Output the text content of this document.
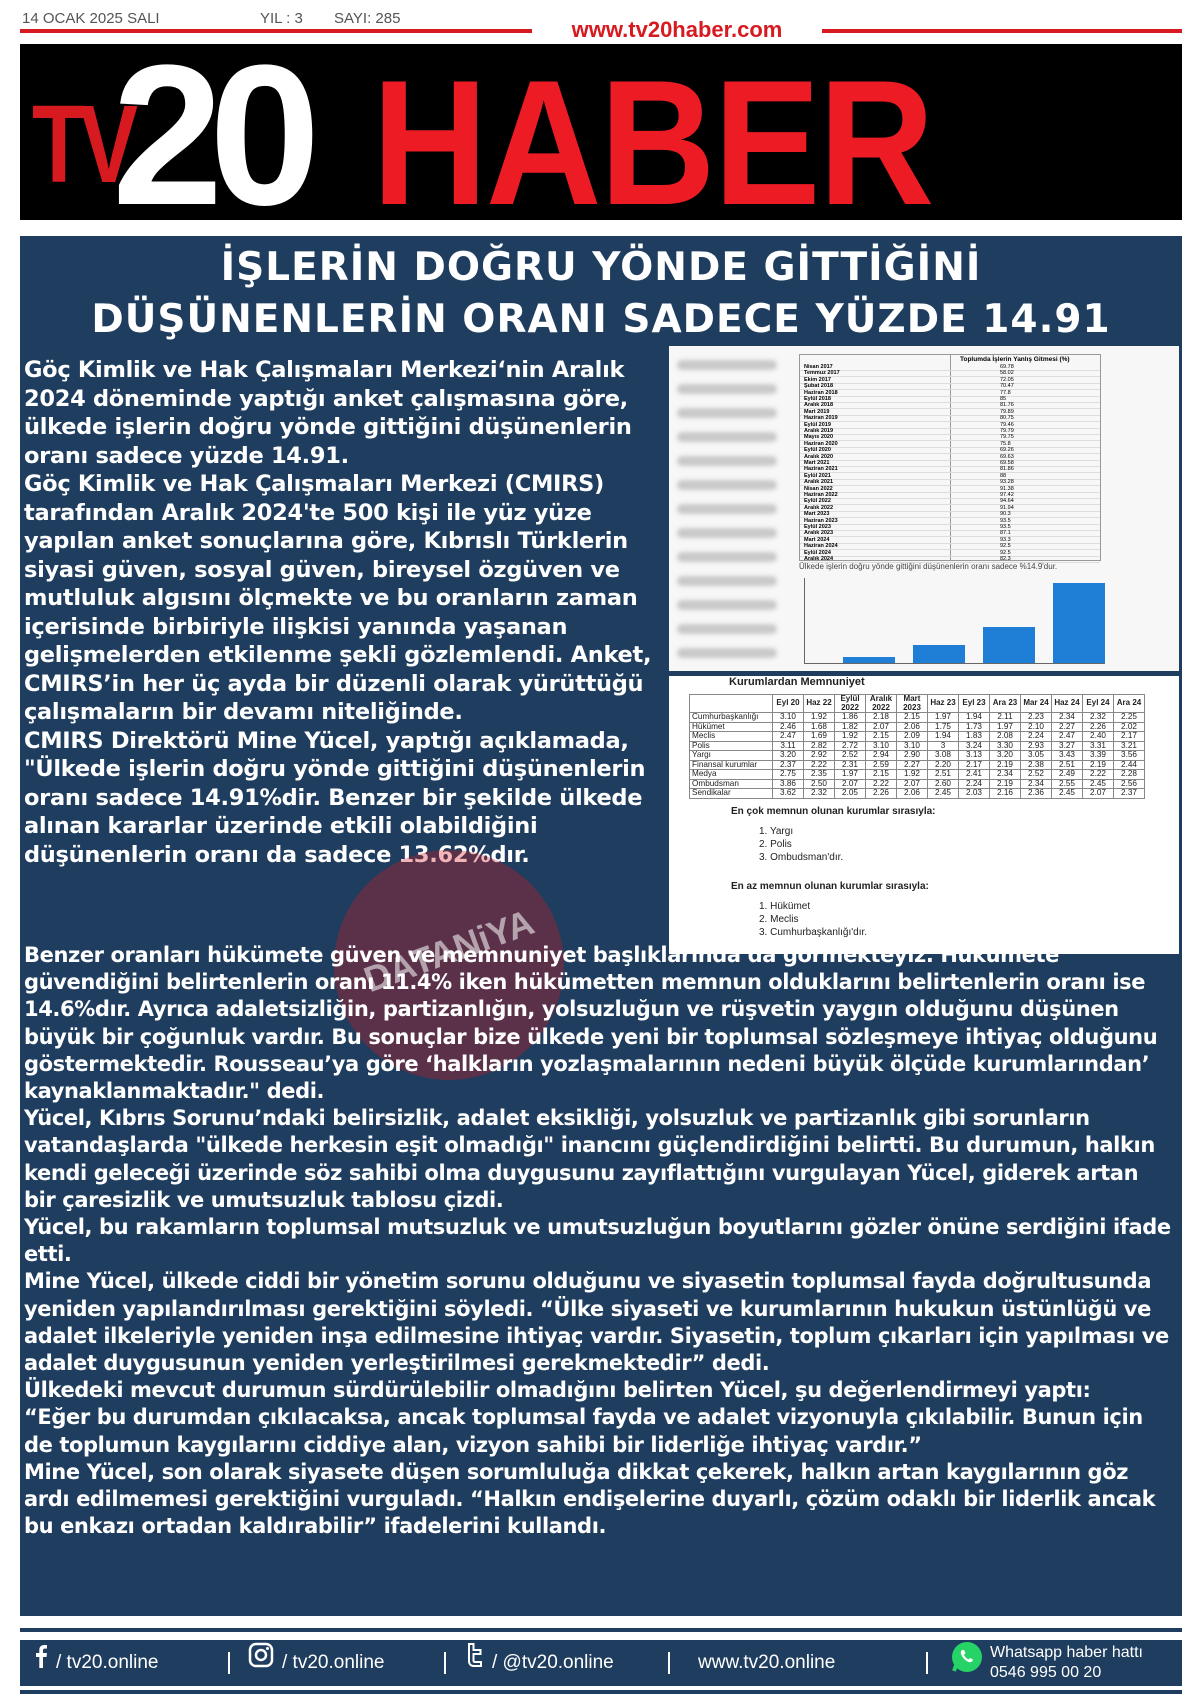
14 OCAK 2025 SALI	YIL : 3 SAYI: 285	www.tv20haber.com
TV
20 HABER
İŞLERİN DOĞRU YÖNDE GİTTİĞİNİ
DÜŞÜNENLERİN ORANI SADECE YÜZDE 14.91

Göç Kimlik ve Hak Çalışmaları Merkezi‘nin Aralık 2024 döneminde yaptığı anket çalışmasına göre, ülkede işlerin doğru yönde gittiğini düşünenlerin oranı sadece yüzde 14.91.

Göç Kimlik ve Hak Çalışmaları Merkezi (CMIRS) tarafından Aralık 2024'te 500 kişi ile yüz yüze yapılan anket sonuçlarına göre, Kıbrıslı Türklerin siyasi güven, sosyal güven, bireysel özgüven ve mutluluk algısını ölçmekte ve bu oranların zaman içerisinde birbiriyle ilişkisi yanında yaşanan gelişmelerden etkilenme şekli gözlemlendi. Anket, CMIRS’in her üç ayda bir düzenli olarak yürüttüğü çalışmaların bir devamı niteliğinde.

CMIRS Direktörü Mine Yücel, yaptığı açıklamada, "Ülkede işlerin doğru yönde gittiğini düşünenlerin oranı sadece 14.91%dir. Benzer bir şekilde ülkede alınan kararlar üzerinde etkili olabildiğini düşünenlerin oranı da sadece 13.62%dır.

Toplumda İşlerin Yanlış Gitmesi (%)
Nisan 2017	69.78
Temmuz 2017	58.02
Ekim 2017	72.05
Şubat 2018	70.47
Haziran 2018	77.8
Eylül 2018	85
Aralık 2018	81.76
Mart 2019	79.89
Haziran 2019	80.75
Eylül 2019	79.46
Aralık 2019	79.79
Mayıs 2020	79.75
Haziran 2020	75.8
Eylül 2020	69.26
Aralık 2020	69.63
Mart 2021	69.58
Haziran 2021	81.86
Eylül 2021	88
Aralık 2021	93.28
Nisan 2022	91.38
Haziran 2022	97.42
Eylül 2022	94.64
Aralık 2022	91.94
Mart 2023	90.3
Haziran 2023	93.5
Eylül 2023	93.5
Aralık 2023	87.1
Mart 2024	93.3
Haziran 2024	92.5
Eylül 2024	92.5
Aralık 2024	82.3
Ülkede işlerin doğru yönde gittiğini düşünenlerin oranı sadece %14.9'dur.
Kurumlardan Memnuniyet
	Eyl 20	Haz 22	Eylül 2022	Aralık 2022	Mart 2023	Haz 23	Eyl 23	Ara 23	Mar 24	Haz 24	Eyl 24	Ara 24
Cumhurbaşkanlığı	3.10	1.92	1.86	2.18	2.15	1.97	1.94	2.11	2.23	2.34	2.32	2.25
Hükümet	2.46	1.68	1.82	2.07	2.06	1.75	1.73	1.97	2.10	2.27	2.26	2.02
Meclis	2.47	1.69	1.92	2.15	2.09	1.94	1.83	2.08	2.24	2.47	2.40	2.17
Polis	3.11	2.82	2.72	3.10	3.10	3	3.24	3.30	2.93	3.27	3.31	3.21
Yargı	3.20	2.92	2.52	2.94	2.90	3.08	3.13	3.20	3.05	3.43	3.39	3.56
Finansal kurumlar	2.37	2.22	2.31	2.59	2.27	2.20	2.17	2.19	2.38	2.51	2.19	2.44
Medya	2.75	2.35	1.97	2.15	1.92	2.51	2.41	2.34	2.52	2.49	2.22	2.28
Ombudsman	3.86	2.50	2.07	2.22	2.07	2.60	2.24	2.19	2.34	2.55	2.45	2.56
Sendikalar	3.62	2.32	2.05	2.26	2.06	2.45	2.03	2.16	2.36	2.45	2.07	2.37
En çok memnun olunan kurumlar sırasıyla:
1. Yargı
2. Polis
3. Ombudsman'dır.
En az memnun olunan kurumlar sırasıyla:
1. Hükümet
2. Meclis
3. Cumhurbaşkanlığı'dır.
DATANiYA

Benzer oranları hükümete güven ve memnuniyet başlıklarında da görmekteyiz. Hükümete güvendiğini belirtenlerin oranı 11.4% iken hükümetten memnun olduklarını belirtenlerin oranı ise 14.6%dır. Ayrıca adaletsizliğin, partizanlığın, yolsuzluğun ve rüşvetin yaygın olduğunu düşünen büyük bir çoğunluk vardır. Bu sonuçlar bize ülkede yeni bir toplumsal sözleşmeye ihtiyaç olduğunu göstermektedir. Rousseau’ya göre ‘halkların yozlaşmalarının nedeni büyük ölçüde kurumlarından’ kaynaklanmaktadır." dedi.

Yücel, Kıbrıs Sorunu’ndaki belirsizlik, adalet eksikliği, yolsuzluk ve partizanlık gibi sorunların vatandaşlarda "ülkede herkesin eşit olmadığı" inancını güçlendirdiğini belirtti. Bu durumun, halkın kendi geleceği üzerinde söz sahibi olma duygusunu zayıflattığını vurgulayan Yücel, giderek artan bir çaresizlik ve umutsuzluk tablosu çizdi.

Yücel, bu rakamların toplumsal mutsuzluk ve umutsuzluğun boyutlarını gözler önüne serdiğini ifade etti.

Mine Yücel, ülkede ciddi bir yönetim sorunu olduğunu ve siyasetin toplumsal fayda doğrultusunda yeniden yapılandırılması gerektiğini söyledi. “Ülke siyaseti ve kurumlarının hukukun üstünlüğü ve adalet ilkeleriyle yeniden inşa edilmesine ihtiyaç vardır. Siyasetin, toplum çıkarları için yapılması ve adalet duygusunun yeniden yerleştirilmesi gerekmektedir” dedi.

Ülkedeki mevcut durumun sürdürülebilir olmadığını belirten Yücel, şu değerlendirmeyi yaptı:

“Eğer bu durumdan çıkılacaksa, ancak toplumsal fayda ve adalet vizyonuyla çıkılabilir. Bunun için de toplumun kaygılarını ciddiye alan, vizyon sahibi bir liderliğe ihtiyaç vardır.”

Mine Yücel, son olarak siyasete düşen sorumluluğa dikkat çekerek, halkın artan kaygılarının göz ardı edilmemesi gerektiğini vurguladı. “Halkın endişelerine duyarlı, çözüm odaklı bir liderlik ancak bu enkazı ortadan kaldırabilir” ifadelerini kullandı.

/ tv20.online	/ tv20.online	/ @tv20.online	www.tv20.online	Whatsapp haber hattı
0546 995 00 20
